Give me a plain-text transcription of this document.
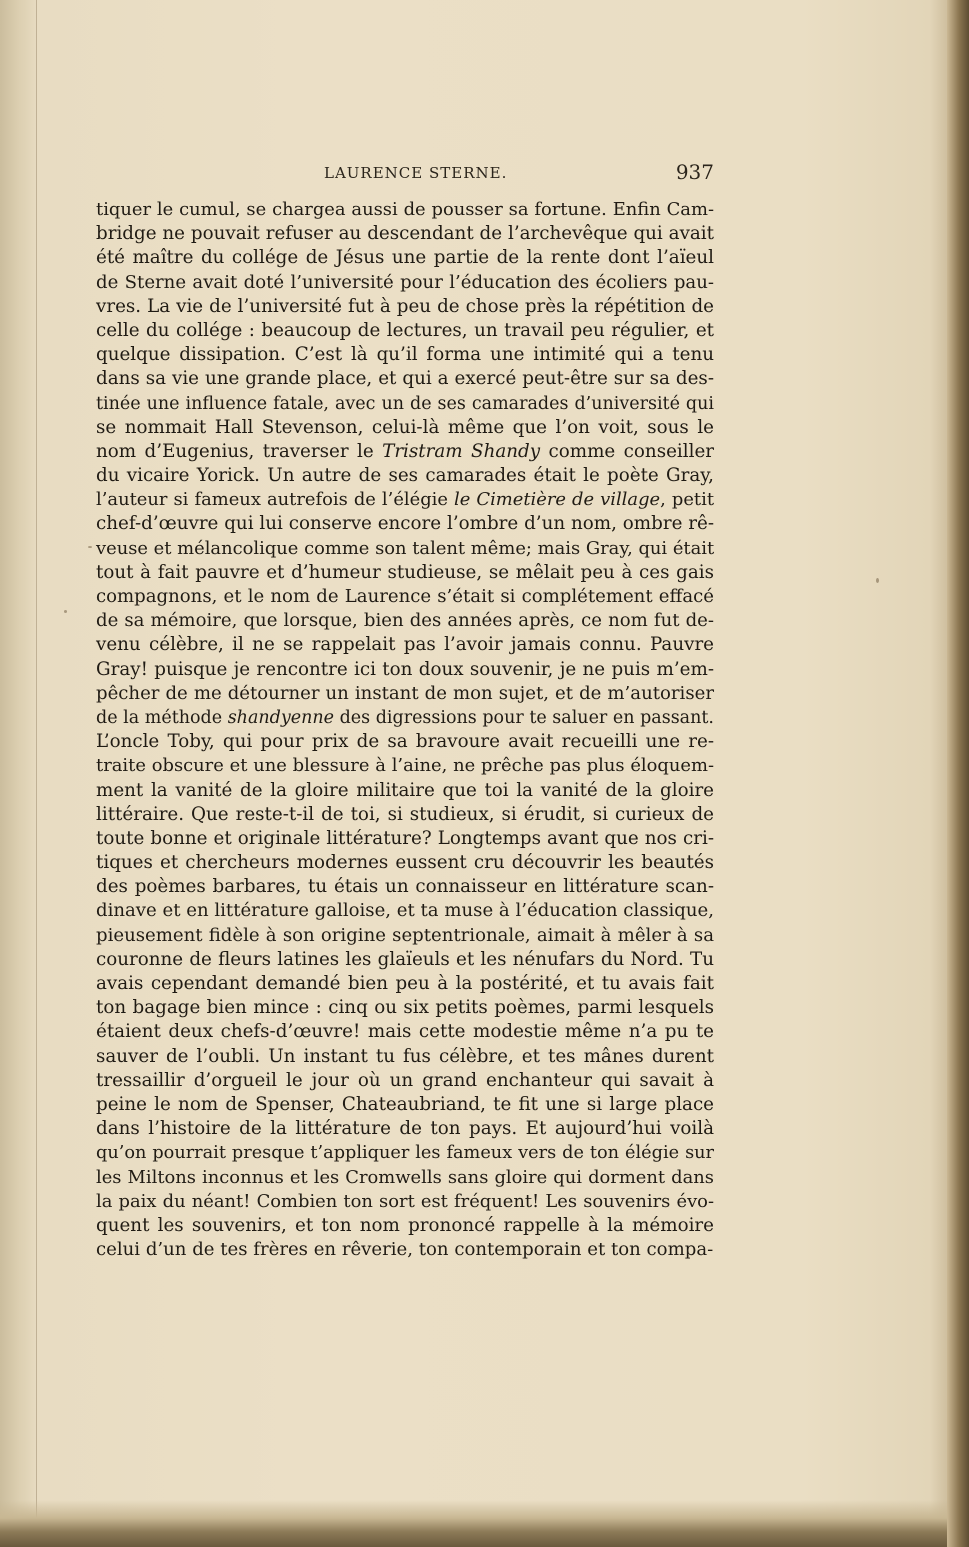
LAURENCE STERNE.	937
tiquer le cumul, se chargea aussi de pousser sa fortune. Enfin Cam-
bridge ne pouvait refuser au descendant de l’archevêque qui avait
été maître du collége de Jésus une partie de la rente dont l’aïeul
de Sterne avait doté l’université pour l’éducation des écoliers pau-
vres. La vie de l’université fut à peu de chose près la répétition de
celle du collége : beaucoup de lectures, un travail peu régulier, et
quelque dissipation. C’est là qu’il forma une intimité qui a tenu
dans sa vie une grande place, et qui a exercé peut-être sur sa des-
tinée une influence fatale, avec un de ses camarades d’université qui
se nommait Hall Stevenson, celui-là même que l’on voit, sous le
nom d’Eugenius, traverser le Tristram Shandy comme conseiller
du vicaire Yorick. Un autre de ses camarades était le poète Gray,
l’auteur si fameux autrefois de l’élégie le Cimetière de village, petit
chef-d’œuvre qui lui conserve encore l’ombre d’un nom, ombre rê-
veuse et mélancolique comme son talent même; mais Gray, qui était
tout à fait pauvre et d’humeur studieuse, se mêlait peu à ces gais
compagnons, et le nom de Laurence s’était si complétement effacé
de sa mémoire, que lorsque, bien des années après, ce nom fut de-
venu célèbre, il ne se rappelait pas l’avoir jamais connu. Pauvre
Gray! puisque je rencontre ici ton doux souvenir, je ne puis m’em-
pêcher de me détourner un instant de mon sujet, et de m’autoriser
de la méthode shandyenne des digressions pour te saluer en passant.
L’oncle Toby, qui pour prix de sa bravoure avait recueilli une re-
traite obscure et une blessure à l’aine, ne prêche pas plus éloquem-
ment la vanité de la gloire militaire que toi la vanité de la gloire
littéraire. Que reste-t-il de toi, si studieux, si érudit, si curieux de
toute bonne et originale littérature? Longtemps avant que nos cri-
tiques et chercheurs modernes eussent cru découvrir les beautés
des poèmes barbares, tu étais un connaisseur en littérature scan-
dinave et en littérature galloise, et ta muse à l’éducation classique,
pieusement fidèle à son origine septentrionale, aimait à mêler à sa
couronne de fleurs latines les glaïeuls et les nénufars du Nord. Tu
avais cependant demandé bien peu à la postérité, et tu avais fait
ton bagage bien mince : cinq ou six petits poèmes, parmi lesquels
étaient deux chefs-d’œuvre! mais cette modestie même n’a pu te
sauver de l’oubli. Un instant tu fus célèbre, et tes mânes durent
tressaillir d’orgueil le jour où un grand enchanteur qui savait à
peine le nom de Spenser, Chateaubriand, te fit une si large place
dans l’histoire de la littérature de ton pays. Et aujourd’hui voilà
qu’on pourrait presque t’appliquer les fameux vers de ton élégie sur
les Miltons inconnus et les Cromwells sans gloire qui dorment dans
la paix du néant! Combien ton sort est fréquent! Les souvenirs évo-
quent les souvenirs, et ton nom prononcé rappelle à la mémoire
celui d’un de tes frères en rêverie, ton contemporain et ton compa-
